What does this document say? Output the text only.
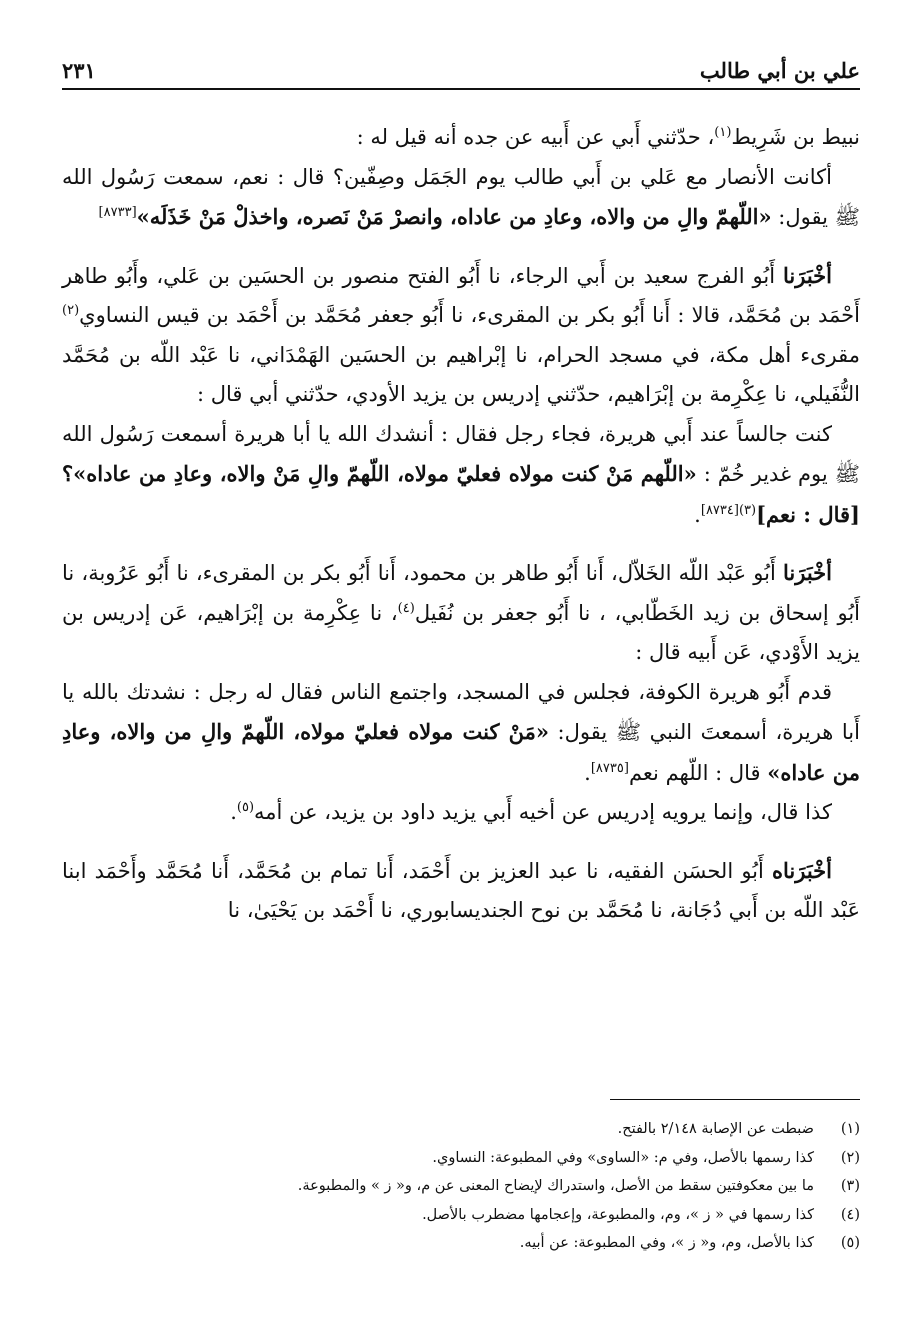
علي بن أبي طالب
٢٣١

نبيط بن شَرِيط$^{(١)}$، حدّثني أَبي عن أَبيه عن جده أنه قيل له :

أكانت الأنصار مع عَلي بن أَبي طالب يوم الجَمَل وصِفّين؟ قال : نعم، سمعت رَسُول الله ﷺ يقول: «اللّهمّ والِ من والاه، وعادِ من عاداه، وانصرْ مَنْ نَصره، واخذلْ مَنْ خَذَلَه»[٨٧٣٣]

أخْبَرَنا أَبُو الفرج سعيد بن أَبي الرجاء، نا أَبُو الفتح منصور بن الحسَين بن عَلي، وأَبُو طاهر أَحْمَد بن مُحَمَّد، قالا : أَنا أَبُو بكر بن المقرىء، نا أَبُو جعفر مُحَمَّد بن أَحْمَد بن قيس النساوي$^{(٢)}$ مقرىء أهل مكة، في مسجد الحرام، نا إبْراهيم بن الحسَين الهَمْدَاني، نا عَبْد اللّه بن مُحَمَّد النُّفَيلي، نا عِكْرِمة بن إبْرَاهيم، حدّثني إدريس بن يزيد الأودي، حدّثني أبي قال :

كنت جالساً عند أَبي هريرة، فجاء رجل فقال : أنشدك الله يا أبا هريرة أسمعت رَسُول الله ﷺ يوم غدير خُمّ : «اللّهم مَنْ كنت مولاه فعليّ مولاه، اللّهمّ والِ مَنْ والاه، وعادِ من عاداه»؟ [قال : نعم]$^{(٣)[٨٧٣٤]}$.

أخْبَرَنا أَبُو عَبْد اللّه الخَلاّل، أَنا أَبُو طاهر بن محمود، أَنا أَبُو بكر بن المقرىء، نا أَبُو عَرُوبة، نا أَبُو إسحاق بن زيد الخَطّابي، ، نا أَبُو جعفر بن نُفَيل$^{(٤)}$، نا عِكْرِمة بن إبْرَاهيم، عَن إدريس بن يزيد الأَوْدي، عَن أَبيه قال :

قدم أَبُو هريرة الكوفة، فجلس في المسجد، واجتمع الناس فقال له رجل : نشدتك بالله يا أَبا هريرة، أسمعتَ النبي ﷺ يقول: «مَنْ كنت مولاه فعليّ مولاه، اللّهمّ والِ من والاه، وعادِ من عاداه» قال : اللّهم نعم[٨٧٣٥].

كذا قال، وإنما يرويه إدريس عن أخيه أَبي يزيد داود بن يزيد، عن أمه$^{(٥)}$.

أخْبَرَناه أَبُو الحسَن الفقيه، نا عبد العزيز بن أَحْمَد، أَنا تمام بن مُحَمَّد، أَنا مُحَمَّد وأَحْمَد ابنا عَبْد اللّه بن أَبي دُجَانة، نا مُحَمَّد بن نوح الجنديسابوري، نا أَحْمَد بن يَحْيَىٰ، نا

(١)
ضبطت عن الإصابة ٢/١٤٨ بالفتح.
(٢)
كذا رسمها بالأصل، وفي م: «الساوى» وفي المطبوعة: النساوي.
(٣)
ما بين معكوفتين سقط من الأصل، واستدراك لإيضاح المعنى عن م، و« ز » والمطبوعة.
(٤)
كذا رسمها في « ز »، وم، والمطبوعة، وإعجامها مضطرب بالأصل.
(٥)
كذا بالأصل، وم، و« ز »، وفي المطبوعة: عن أبيه.
